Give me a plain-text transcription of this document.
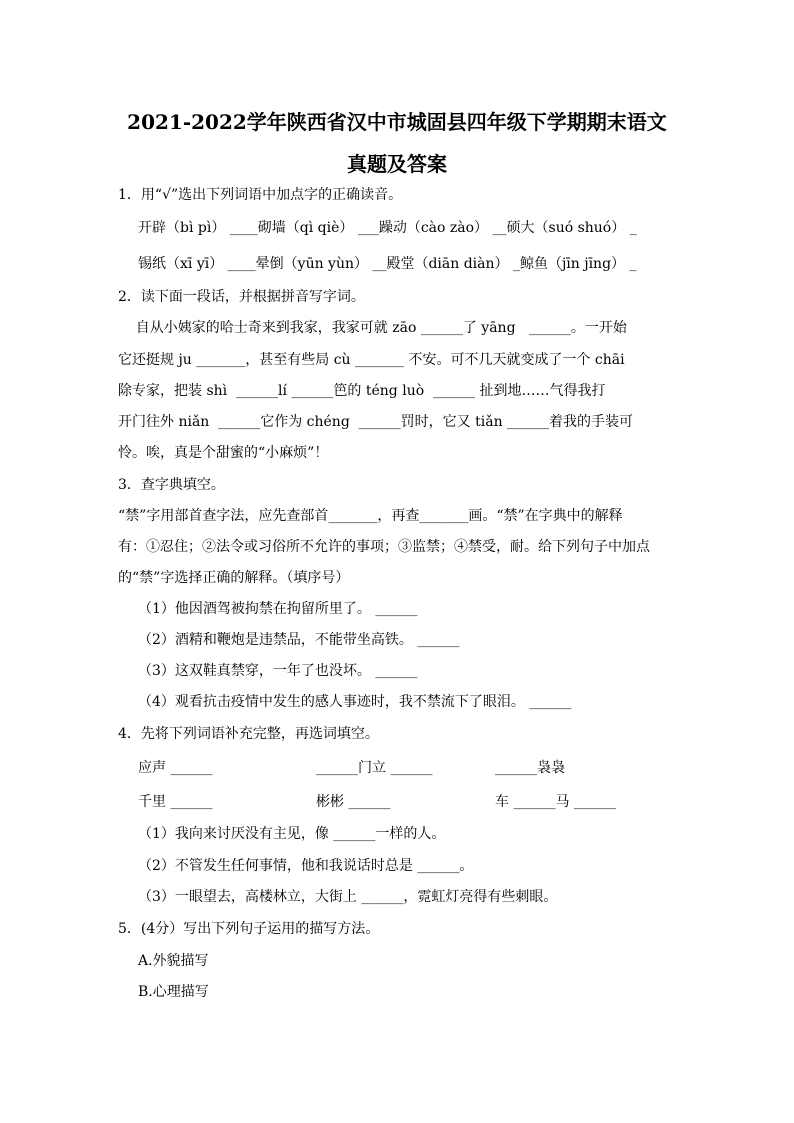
2021-2022学年陕西省汉中市城固县四年级下学期期末语文
真题及答案
1．用“√”选出下列词语中加点字的正确读音。
开辟（bì pì） ____砌墙（qì qiè） ___躁动（cào zào） __硕大（suó shuó） _
锡纸（xī yī） ____晕倒（yūn yùn） __殿堂（diān diàn） _鲸鱼（jīn jīng） _
2．读下面一段话，并根据拼音写字词。
自从小姨家的哈士奇来到我家，我家可就 zāo ______了 yāng   ______。一开始
它还挺规 ju _______，甚至有些局 cù _______ 不安。可不几天就变成了一个 chāi
除专家，把装 shì  ______lí ______笆的 téng luò  ______ 扯到地……气得我打
开门往外 niǎn  ______它作为 chéng  ______罚时，它又 tiǎn ______着我的手装可
怜。唉，真是个甜蜜的“小麻烦”！
3．查字典填空。
“禁”字用部首查字法，应先查部首_______，再查_______画。“禁”在字典中的解释
有：①忍住；②法令或习俗所不允许的事项；③监禁；④禁受，耐。给下列句子中加点
的“禁”字选择正确的解释。（填序号）
（1）他因酒驾被拘禁在拘留所里了。 ______
（2）酒精和鞭炮是违禁品，不能带坐高铁。 ______
（3）这双鞋真禁穿，一年了也没坏。 ______
（4）观看抗击疫情中发生的感人事迹时，我不禁流下了眼泪。 ______
4．先将下列词语补充完整，再选词填空。
应声 ______	______门立 ______	______袅袅
千里 ______	彬彬 ______	车 ______马 ______
（1）我向来讨厌没有主见，像 ______一样的人。
（2）不管发生任何事情，他和我说话时总是 ______。
（3）一眼望去，高楼林立，大街上 ______，霓虹灯亮得有些刺眼。
5．(4分）写出下列句子运用的描写方法。
A.外貌描写
B.心理描写
